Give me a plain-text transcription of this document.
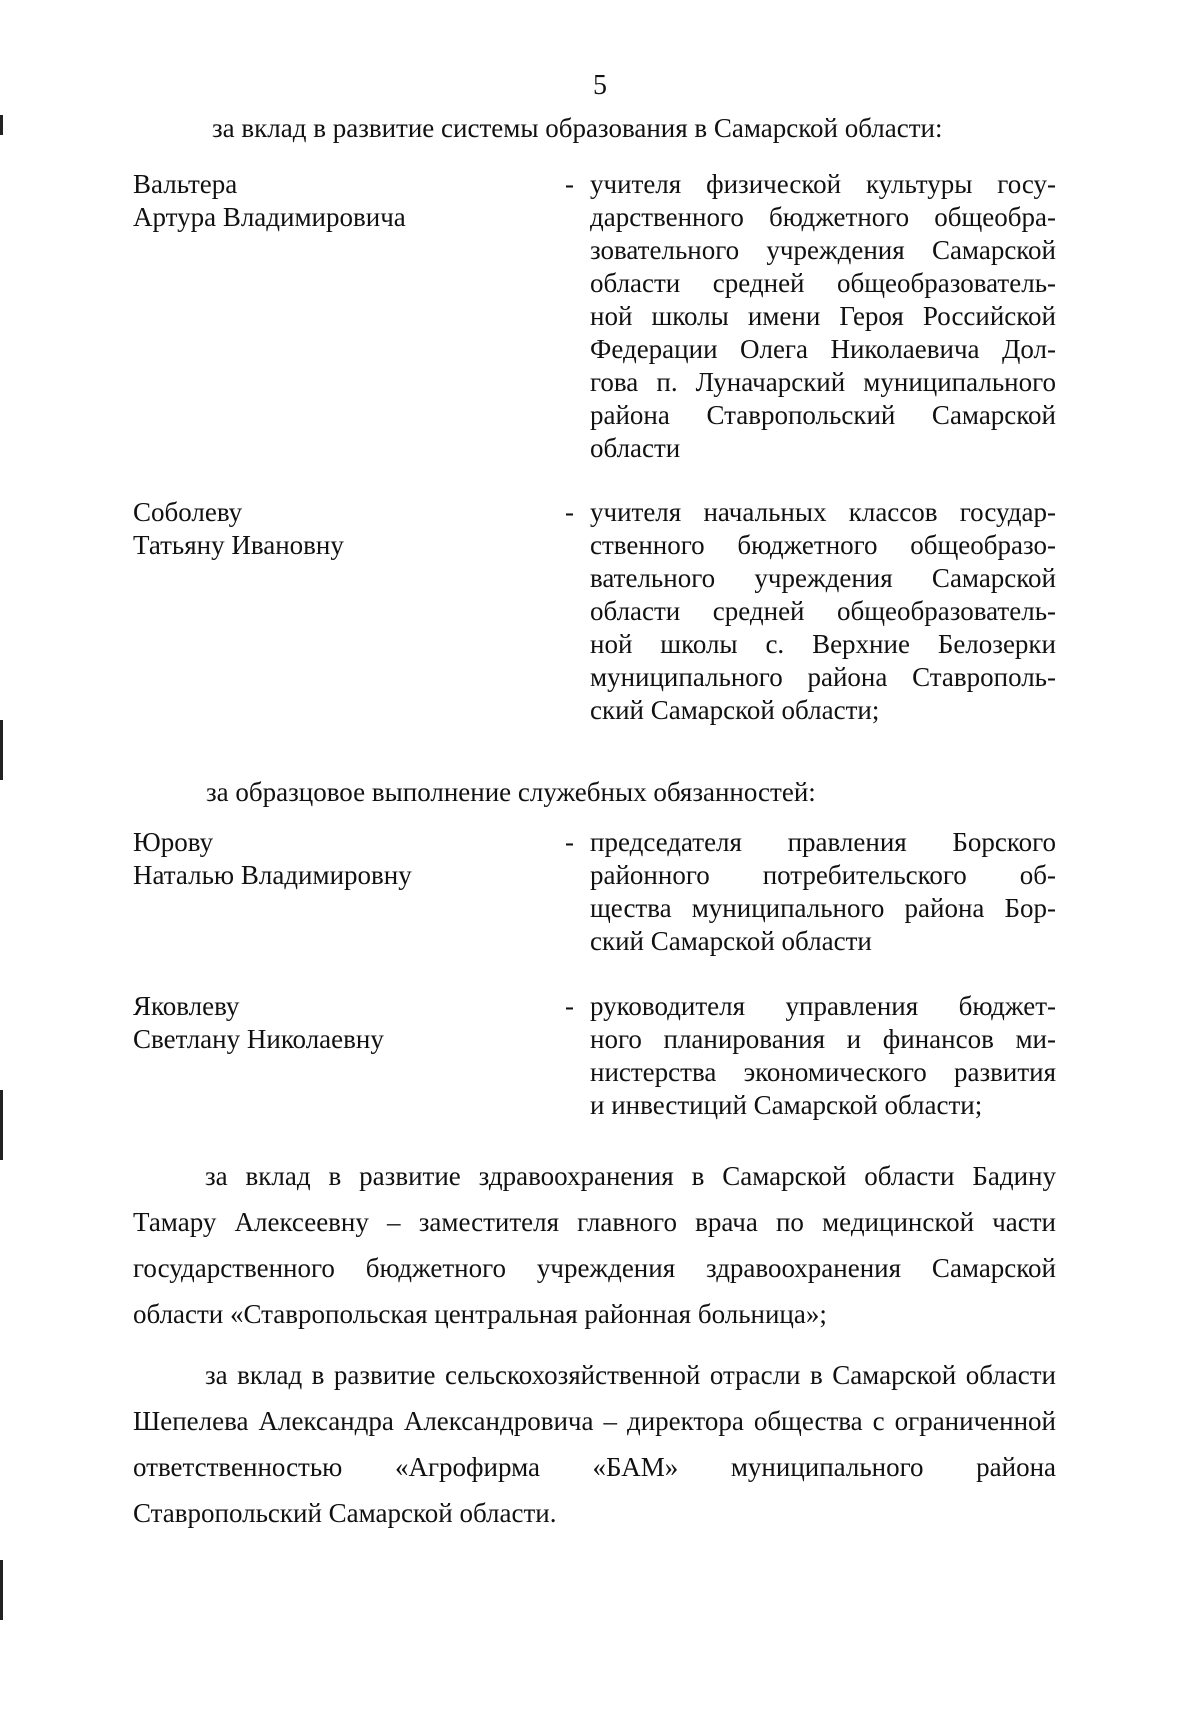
5
за вклад в развитие системы образования в Самарской области:
Вальтера
Артура Владимировича
- учителя физической культуры госу-
дарственного бюджетного общеобра-
зовательного учреждения Самарской
области средней общеобразователь-
ной школы имени Героя Российской
Федерации Олега Николаевича Дол-
гова п. Луначарский муниципального
района Ставропольский Самарской
области
Соболеву
Татьяну Ивановну
- учителя начальных классов государ-
ственного бюджетного общеобразо-
вательного учреждения Самарской
области средней общеобразователь-
ной школы с. Верхние Белозерки
муниципального района Ставрополь-
ский Самарской области;
за образцовое выполнение служебных обязанностей:
Юрову
Наталью Владимировну
- председателя правления Борского
районного потребительского об-
щества муниципального района Бор-
ский Самарской области
Яковлеву
Светлану Николаевну
- руководителя управления бюджет-
ного планирования и финансов ми-
нистерства экономического развития
и инвестиций Самарской области;
за вклад в развитие здравоохранения в Самарской области Бадину Тамару Алексеевну – заместителя главного врача по медицинской части государственного бюджетного учреждения здравоохранения Самарской области «Ставропольская центральная районная больница»;
за вклад в развитие сельскохозяйственной отрасли в Самарской области Шепелева Александра Александровича – директора общества с ограниченной ответственностью «Агрофирма «БАМ» муниципального района Ставропольский Самарской области.
